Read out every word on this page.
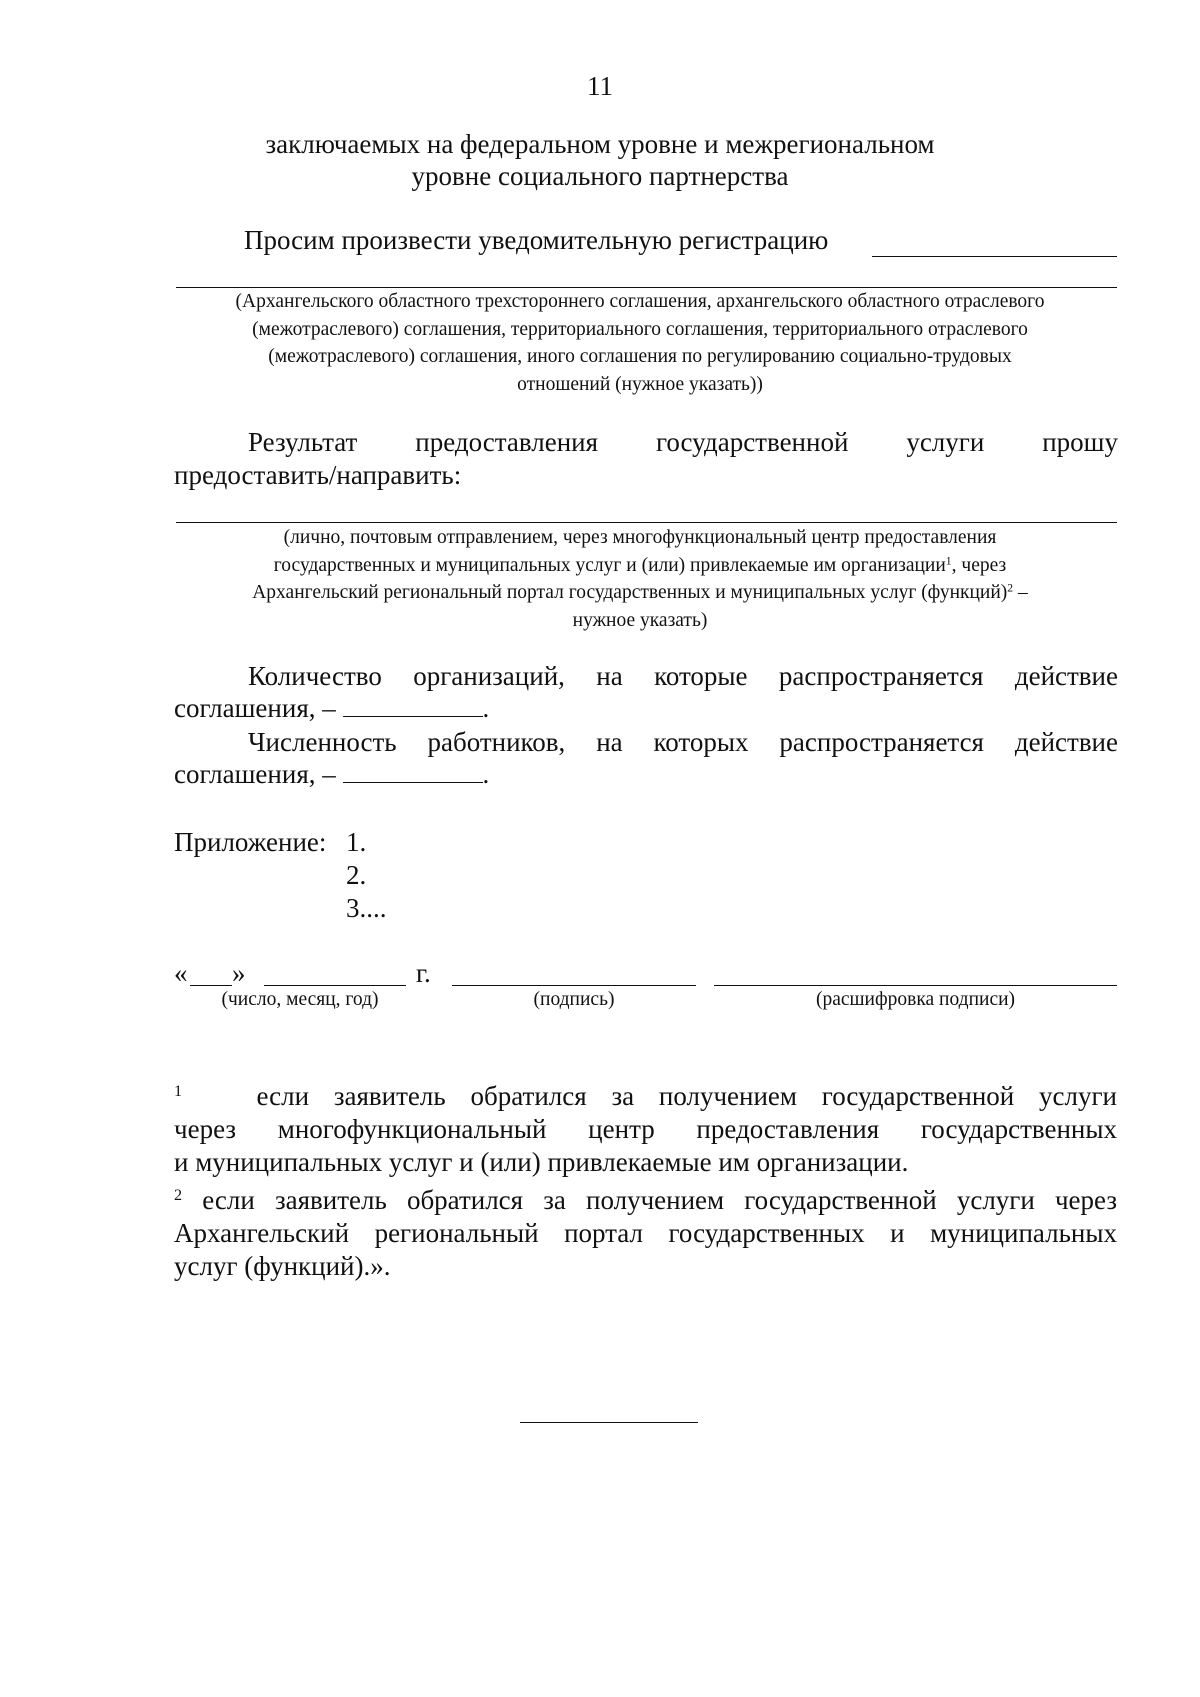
11
заключаемых на федеральном уровне и межрегиональном
уровне социального партнерства
Просим произвести уведомительную регистрацию
(Архангельского областного трехстороннего соглашения, архангельского областного отраслевого
(межотраслевого) соглашения, территориального соглашения, территориального отраслевого
(межотраслевого) соглашения, иного соглашения по регулированию социально-трудовых
отношений (нужное указать))
Результат предоставления государственной услуги прошу
предоставить/направить:
(лично, почтовым отправлением, через многофункциональный центр предоставления
государственных и муниципальных услуг и (или) привлекаемые им организации$^1$, через
Архангельский региональный портал государственных и муниципальных услуг (функций)$^2$ –
нужное указать)
Количество организаций, на которые распространяется действие
соглашения, –	.
Численность работников, на которых распространяется действие
соглашения, –	.
Приложение: 1.
2.
3....
« »	г.
(число, месяц, год)	(подпись)	(расшифровка подписи)
$^1$	если заявитель обратился за получением государственной услуги
через многофункциональный центр предоставления государственных
и муниципальных услуг и (или) привлекаемые им организации.
$^2$ если заявитель обратился за получением государственной услуги через
Архангельский региональный портал государственных и муниципальных
услуг (функций).».
